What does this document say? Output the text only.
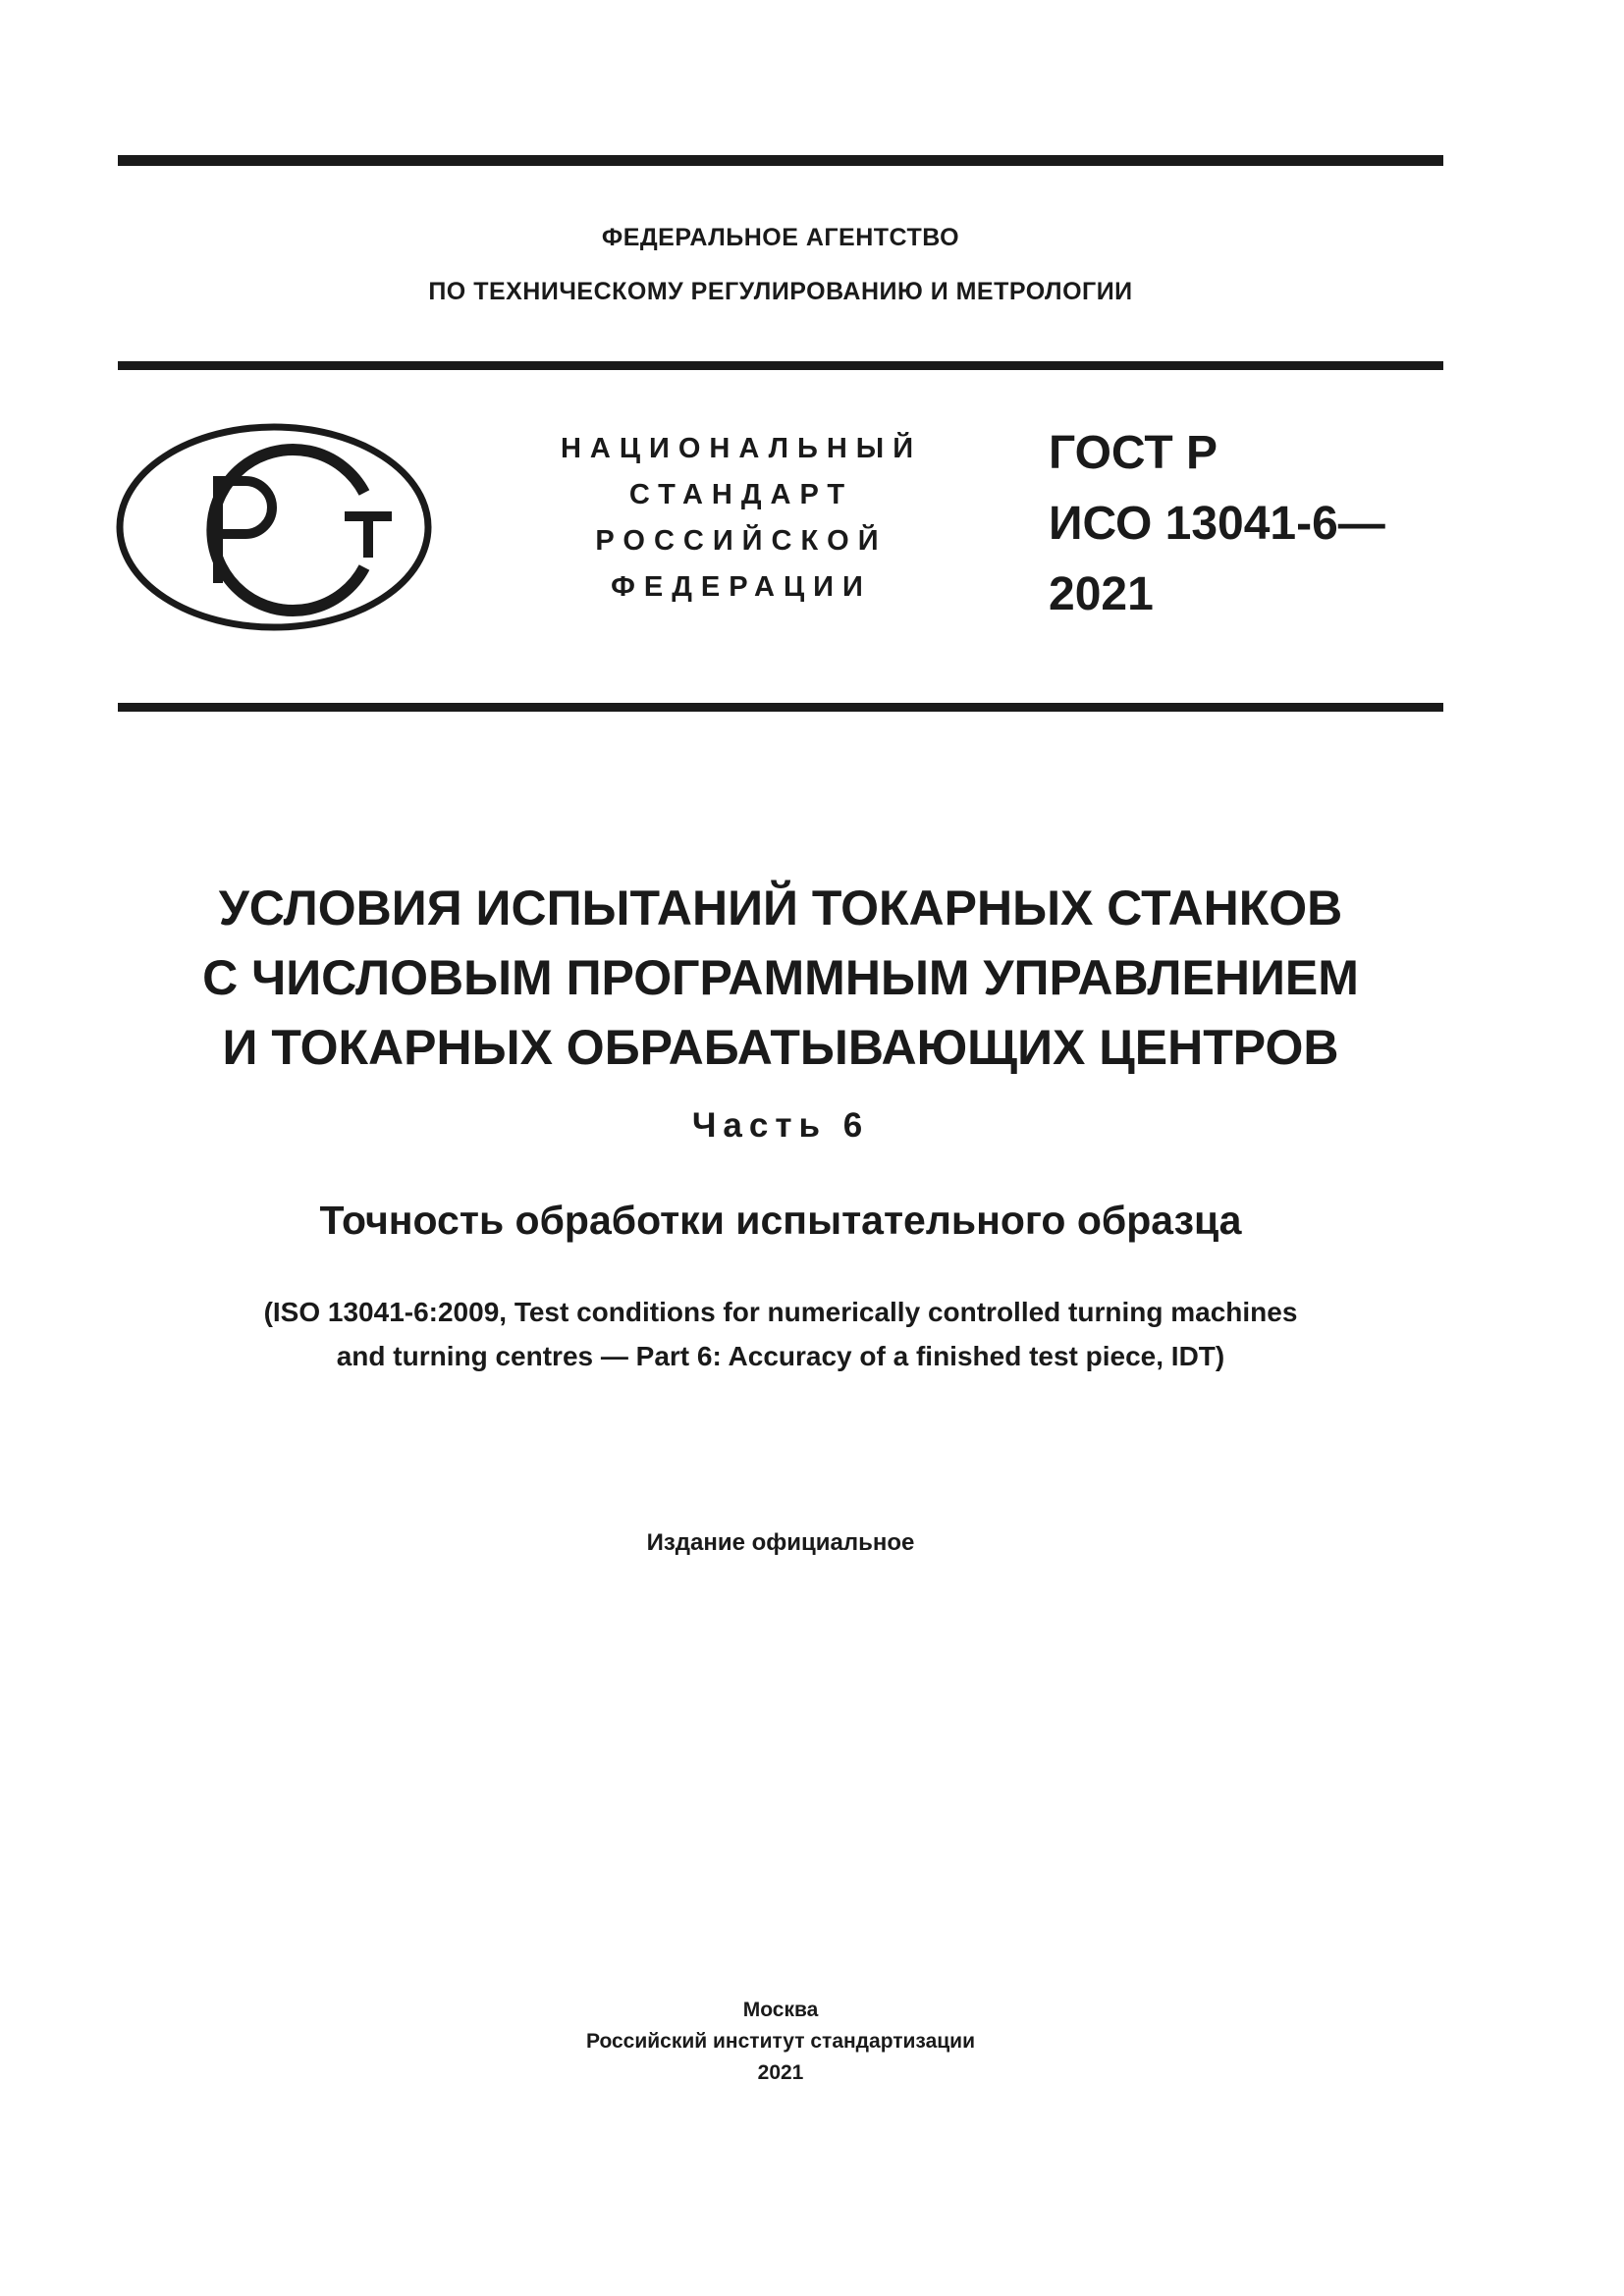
ФЕДЕРАЛЬНОЕ АГЕНТСТВО
ПО ТЕХНИЧЕСКОМУ РЕГУЛИРОВАНИЮ И МЕТРОЛОГИИ
НАЦИОНАЛЬНЫЙ
СТАНДАРТ
РОССИЙСКОЙ
ФЕДЕРАЦИИ
ГОСТ Р
ИСО 13041-6—
2021
УСЛОВИЯ ИСПЫТАНИЙ ТОКАРНЫХ СТАНКОВ
С ЧИСЛОВЫМ ПРОГРАММНЫМ УПРАВЛЕНИЕМ
И ТОКАРНЫХ ОБРАБАТЫВАЮЩИХ ЦЕНТРОВ
Часть 6
Точность обработки испытательного образца
(ISO 13041-6:2009, Test conditions for numerically controlled turning machines
and turning centres — Part 6: Accuracy of a finished test piece, IDT)
Издание официальное
Москва
Российский институт стандартизации
2021
